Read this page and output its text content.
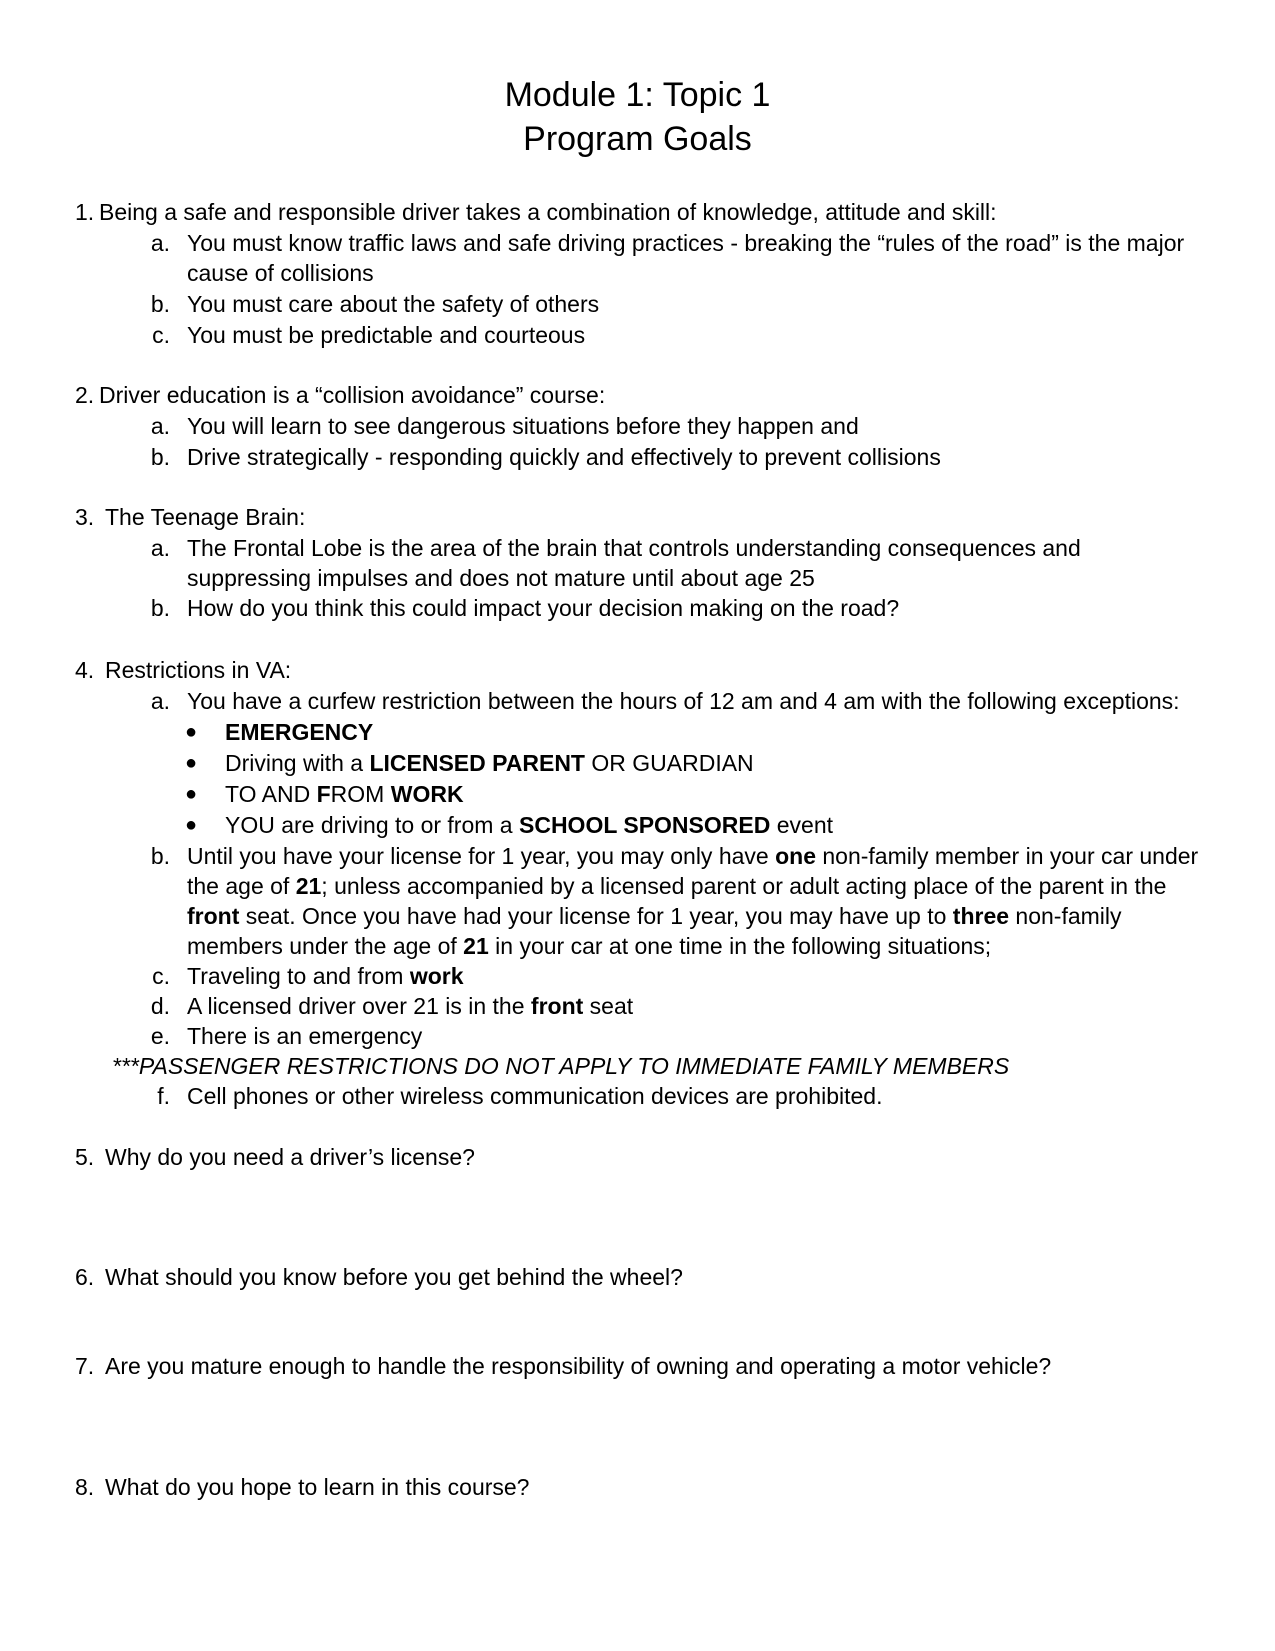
Module 1: Topic 1
Program Goals
1. Being a safe and responsible driver takes a combination of knowledge, attitude and skill:
a. You must know traffic laws and safe driving practices - breaking the “rules of the road” is the major
cause of collisions
b. You must care about the safety of others
c. You must be predictable and courteous
2. Driver education is a “collision avoidance” course:
a. You will learn to see dangerous situations before they happen and
b. Drive strategically - responding quickly and effectively to prevent collisions
3. The Teenage Brain:
a. The Frontal Lobe is the area of the brain that controls understanding consequences and
suppressing impulses and does not mature until about age 25
b. How do you think this could impact your decision making on the road?
4. Restrictions in VA:
a. You have a curfew restriction between the hours of 12 am and 4 am with the following exceptions:
● EMERGENCY
● Driving with a LICENSED PARENT OR GUARDIAN
● TO AND FROM WORK
● YOU are driving to or from a SCHOOL SPONSORED event
b. Until you have your license for 1 year, you may only have one non-family member in your car under
the age of 21; unless accompanied by a licensed parent or adult acting place of the parent in the
front seat. Once you have had your license for 1 year, you may have up to three non-family
members under the age of 21 in your car at one time in the following situations;
c. Traveling to and from work
d. A licensed driver over 21 is in the front seat
e. There is an emergency
***PASSENGER RESTRICTIONS DO NOT APPLY TO IMMEDIATE FAMILY MEMBERS
f. Cell phones or other wireless communication devices are prohibited.
5. Why do you need a driver’s license?
6. What should you know before you get behind the wheel?
7. Are you mature enough to handle the responsibility of owning and operating a motor vehicle?
8. What do you hope to learn in this course?
